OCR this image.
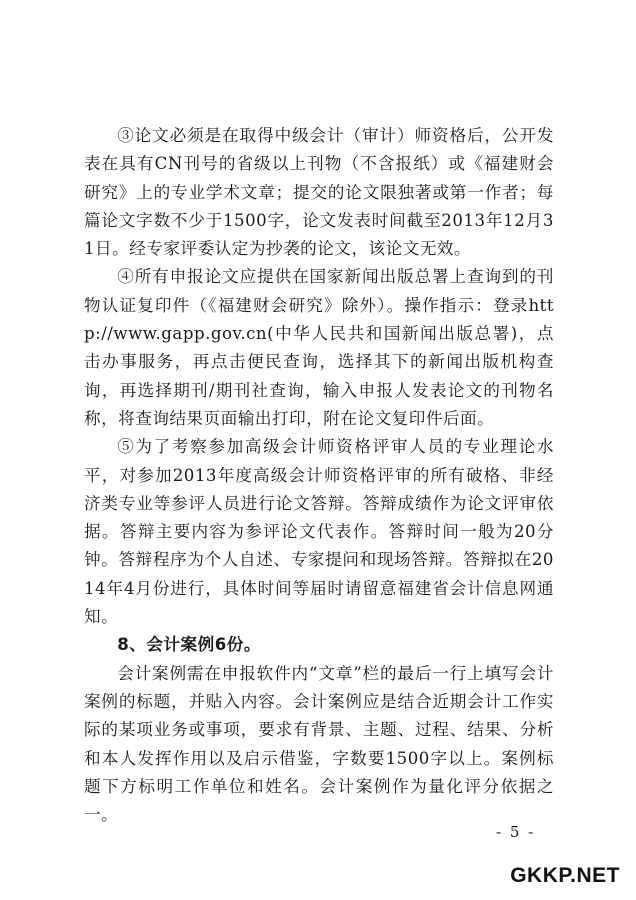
③论文必须是在取得中级会计（审计）师资格后，公开发表在具有CN刊号的省级以上刊物（不含报纸）或《福建财会研究》上的专业学术文章；提交的论文限独著或第一作者；每篇论文字数不少于1500字，论文发表时间截至2013年12月31日。经专家评委认定为抄袭的论文，该论文无效。

④所有申报论文应提供在国家新闻出版总署上查询到的刊物认证复印件（《福建财会研究》除外）。操作指示：登录http://www.gapp.gov.cn(中华人民共和国新闻出版总署)，点击办事服务，再点击便民查询，选择其下的新闻出版机构查询，再选择期刊/期刊社查询，输入申报人发表论文的刊物名称，将查询结果页面输出打印，附在论文复印件后面。

⑤为了考察参加高级会计师资格评审人员的专业理论水平，对参加2013年度高级会计师资格评审的所有破格、非经济类专业等参评人员进行论文答辩。答辩成绩作为论文评审依据。答辩主要内容为参评论文代表作。答辩时间一般为20分钟。答辩程序为个人自述、专家提问和现场答辩。答辩拟在2014年4月份进行，具体时间等届时请留意福建省会计信息网通知。

8、会计案例6份。

会计案例需在申报软件内“文章”栏的最后一行上填写会计案例的标题，并贴入内容。会计案例应是结合近期会计工作实际的某项业务或事项，要求有背景、主题、过程、结果、分析和本人发挥作用以及启示借鉴，字数要1500字以上。案例标题下方标明工作单位和姓名。会计案例作为量化评分依据之一。

- 5 -
GKKP.NET
